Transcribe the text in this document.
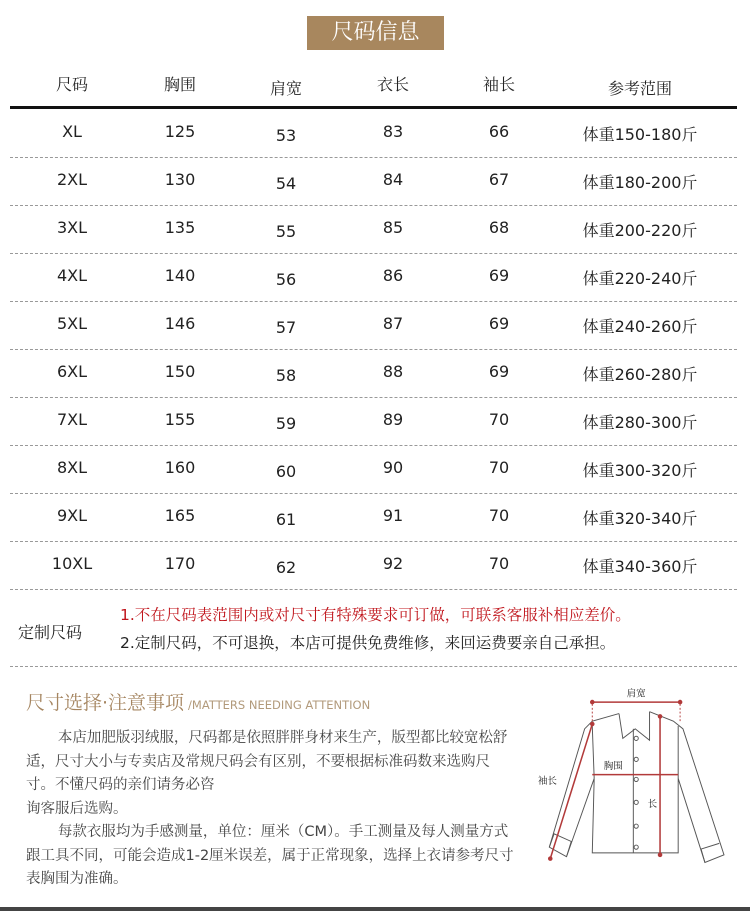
尺码信息
尺码	胸围	肩宽	衣长	袖长	参考范围
XL	125	53	83	66	体重150-180斤
2XL	130	54	84	67	体重180-200斤
3XL	135	55	85	68	体重200-220斤
4XL	140	56	86	69	体重220-240斤
5XL	146	57	87	69	体重240-260斤
6XL	150	58	88	69	体重260-280斤
7XL	155	59	89	70	体重280-300斤
8XL	160	60	90	70	体重300-320斤
9XL	165	61	91	70	体重320-340斤
10XL	170	62	92	70	体重340-360斤
定制尺码
1.不在尺码表范围内或对尺寸有特殊要求可订做，可联系客服补相应差价。
2.定制尺码，不可退换，本店可提供免费维修，来回运费要亲自己承担。
尺寸选择·注意事项 /MATTERS NEEDING ATTENTION

本店加肥版羽绒服，尺码都是依照胖胖身材来生产，版型都比较宽松舒适，尺寸大小与专卖店及常规尺码会有区别，不要根据标准码数来选购尺寸。不懂尺码的亲们请务必咨

询客服后选购。

每款衣服均为手感测量，单位：厘米（CM）。手工测量及每人测量方式跟工具不同，可能会造成1-2厘米误差，属于正常现象，选择上衣请参考尺寸表胸围为准确。

肩宽
胸围
袖长
长
